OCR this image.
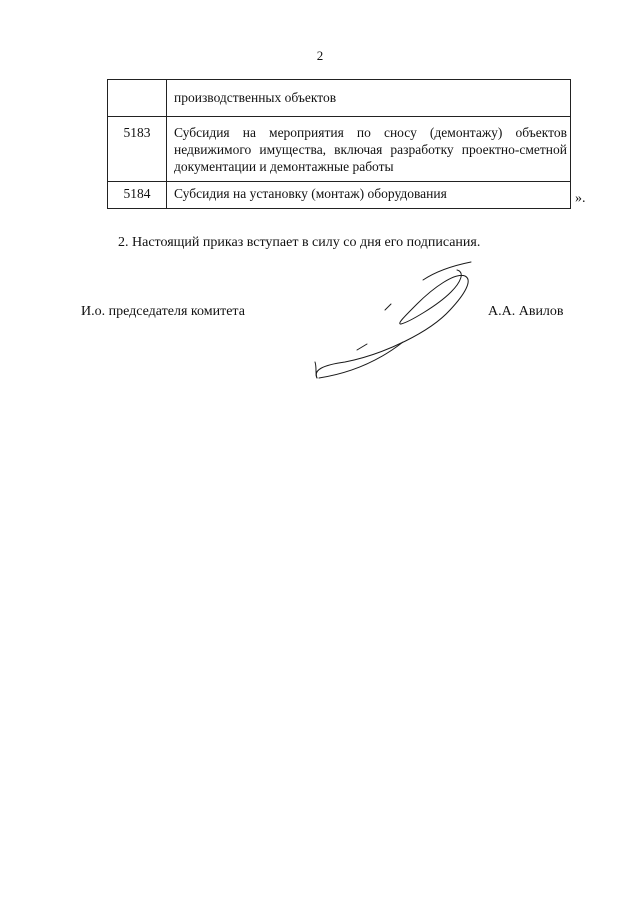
2
	производственных объектов
5183	Субсидия на мероприятия по сносу (демонтажу) объектов недвижимого имущества, включая разработку проектно-сметной документации и демонтажные работы
5184	Субсидия на установку (монтаж) оборудования	».
2. Настоящий приказ вступает в силу со дня его подписания.
И.о. председателя комитета	А.А. Авилов
